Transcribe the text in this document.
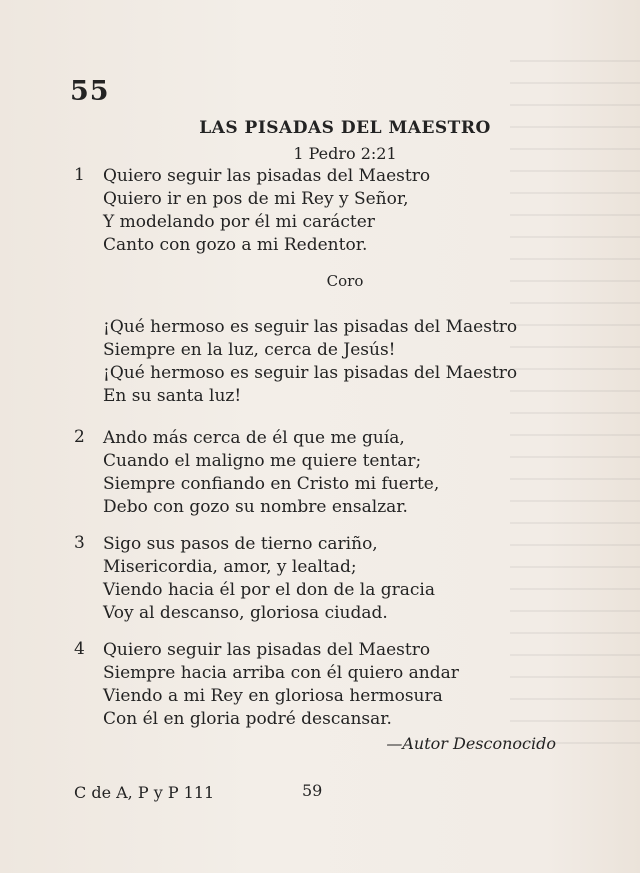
55
LAS PISADAS DEL MAESTRO
1 Pedro 2:21
1 Quiero seguir las pisadas del Maestro
Quiero ir en pos de mi Rey y Señor,
Y modelando por él mi carácter
Canto con gozo a mi Redentor.
Coro
¡Qué hermoso es seguir las pisadas del Maestro
Siempre en la luz, cerca de Jesús!
¡Qué hermoso es seguir las pisadas del Maestro
En su santa luz!
2 Ando más cerca de él que me guía,
Cuando el maligno me quiere tentar;
Siempre confiando en Cristo mi fuerte,
Debo con gozo su nombre ensalzar.
3 Sigo sus pasos de tierno cariño,
Misericordia, amor, y lealtad;
Viendo hacia él por el don de la gracia
Voy al descanso, gloriosa ciudad.
4 Quiero seguir las pisadas del Maestro
Siempre hacia arriba con él quiero andar
Viendo a mi Rey en gloriosa hermosura
Con él en gloria podré descansar.
—Autor Desconocido
C de A, P y P 111	59
